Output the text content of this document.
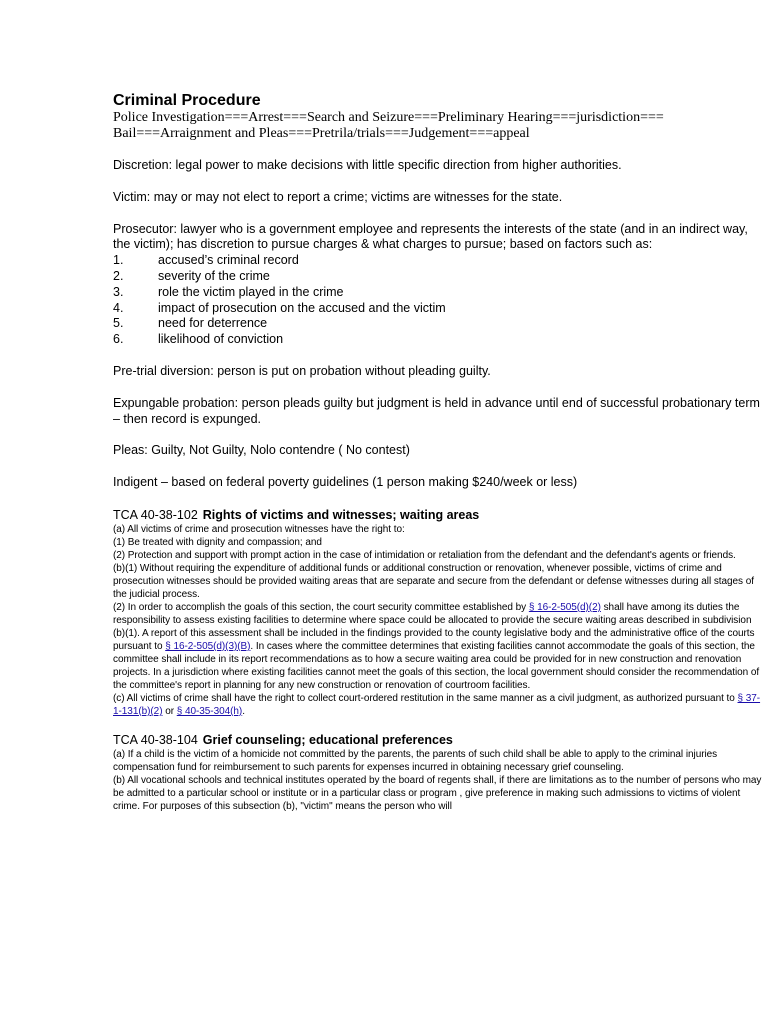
Criminal Procedure
Police Investigation===Arrest===Search and Seizure===Preliminary Hearing===jurisdiction===
Bail===Arraignment and Pleas===Pretrila/trials===Judgement===appeal

Discretion: legal power to make decisions with little specific direction from higher authorities.

Victim: may or may not elect to report a crime; victims are witnesses for the state.

Prosecutor: lawyer who is a government employee and represents the interests of the state (and in an indirect way, the victim); has discretion to pursue charges & what charges to pursue; based on factors such as:

1.	accused’s criminal record
2.	severity of the crime
3.	role the victim played in the crime
4.	impact of prosecution on the accused and the victim
5.	need for deterrence
6.	likelihood of conviction

Pre-trial diversion: person is put on probation without pleading guilty.

Expungable probation: person pleads guilty but judgment is held in advance until end of successful probationary term – then record is expunged.

Pleas: Guilty, Not Guilty, Nolo contendre ( No contest)

Indigent – based on federal poverty guidelines (1 person making $240/week or less)

TCA 40-38-102 Rights of victims and witnesses; waiting areas

(a) All victims of crime and prosecution witnesses have the right to:

(1) Be treated with dignity and compassion; and

(2) Protection and support with prompt action in the case of intimidation or retaliation from the defendant and the defendant's agents or friends.

(b)(1) Without requiring the expenditure of additional funds or additional construction or renovation, whenever possible, victims of crime and prosecution witnesses should be provided waiting areas that are separate and secure from the defendant or defense witnesses during all stages of the judicial process.

(2) In order to accomplish the goals of this section, the court security committee established by § 16-2-505(d)(2) shall have among its duties the responsibility to assess existing facilities to determine where space could be allocated to provide the secure waiting areas described in subdivision (b)(1). A report of this assessment shall be included in the findings provided to the county legislative body and the administrative office of the courts pursuant to § 16-2-505(d)(3)(B). In cases where the committee determines that existing facilities cannot accommodate the goals of this section, the committee shall include in its report recommendations as to how a secure waiting area could be provided for in new construction and renovation projects. In a jurisdiction where existing facilities cannot meet the goals of this section, the local government should consider the recommendation of the committee's report in planning for any new construction or renovation of courtroom facilities.

(c) All victims of crime shall have the right to collect court-ordered restitution in the same manner as a civil judgment, as authorized pursuant to § 37-1-131(b)(2) or § 40-35-304(h).

TCA 40-38-104 Grief counseling; educational preferences

(a) If a child is the victim of a homicide not committed by the parents, the parents of such child shall be able to apply to the criminal injuries compensation fund for reimbursement to such parents for expenses incurred in obtaining necessary grief counseling.

(b) All vocational schools and technical institutes operated by the board of regents shall, if there are limitations as to the number of persons who may be admitted to a particular school or institute or in a particular class or program , give preference in making such admissions to victims of violent crime. For purposes of this subsection (b), "victim" means the person who will
